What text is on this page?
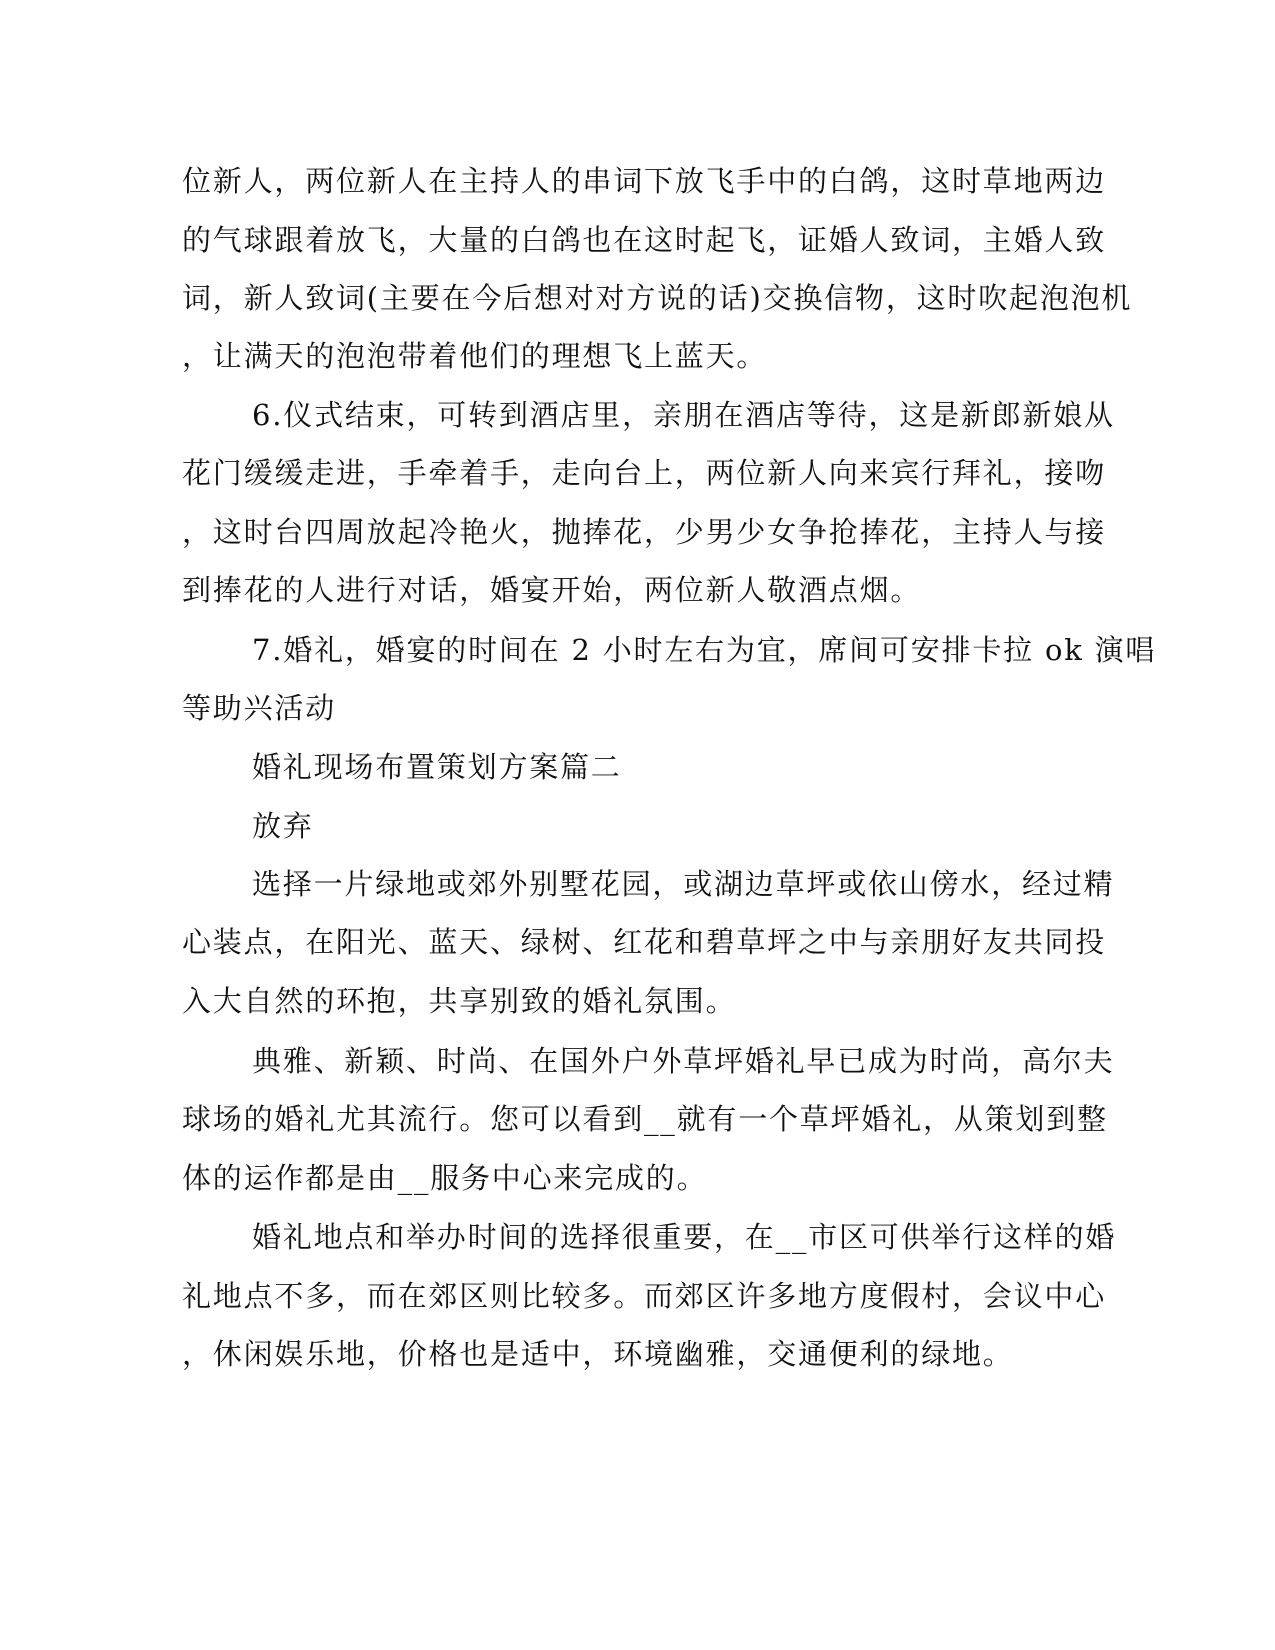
位新人，两位新人在主持人的串词下放飞手中的白鸽，这时草地两边
的气球跟着放飞，大量的白鸽也在这时起飞，证婚人致词，主婚人致
词，新人致词(主要在今后想对对方说的话)交换信物，这时吹起泡泡机
，让满天的泡泡带着他们的理想飞上蓝天。
6.仪式结束，可转到酒店里，亲朋在酒店等待，这是新郎新娘从
花门缓缓走进，手牵着手，走向台上，两位新人向来宾行拜礼，接吻
，这时台四周放起冷艳火，抛捧花，少男少女争抢捧花，主持人与接
到捧花的人进行对话，婚宴开始，两位新人敬酒点烟。
7.婚礼，婚宴的时间在 2 小时左右为宜，席间可安排卡拉 ok 演唱
等助兴活动
婚礼现场布置策划方案篇二
放弃
选择一片绿地或郊外别墅花园，或湖边草坪或依山傍水，经过精
心装点，在阳光、蓝天、绿树、红花和碧草坪之中与亲朋好友共同投
入大自然的环抱，共享别致的婚礼氛围。
典雅、新颖、时尚、在国外户外草坪婚礼早已成为时尚，高尔夫
球场的婚礼尤其流行。您可以看到__就有一个草坪婚礼，从策划到整
体的运作都是由__服务中心来完成的。
婚礼地点和举办时间的选择很重要，在__市区可供举行这样的婚
礼地点不多，而在郊区则比较多。而郊区许多地方度假村，会议中心
，休闲娱乐地，价格也是适中，环境幽雅，交通便利的绿地。
